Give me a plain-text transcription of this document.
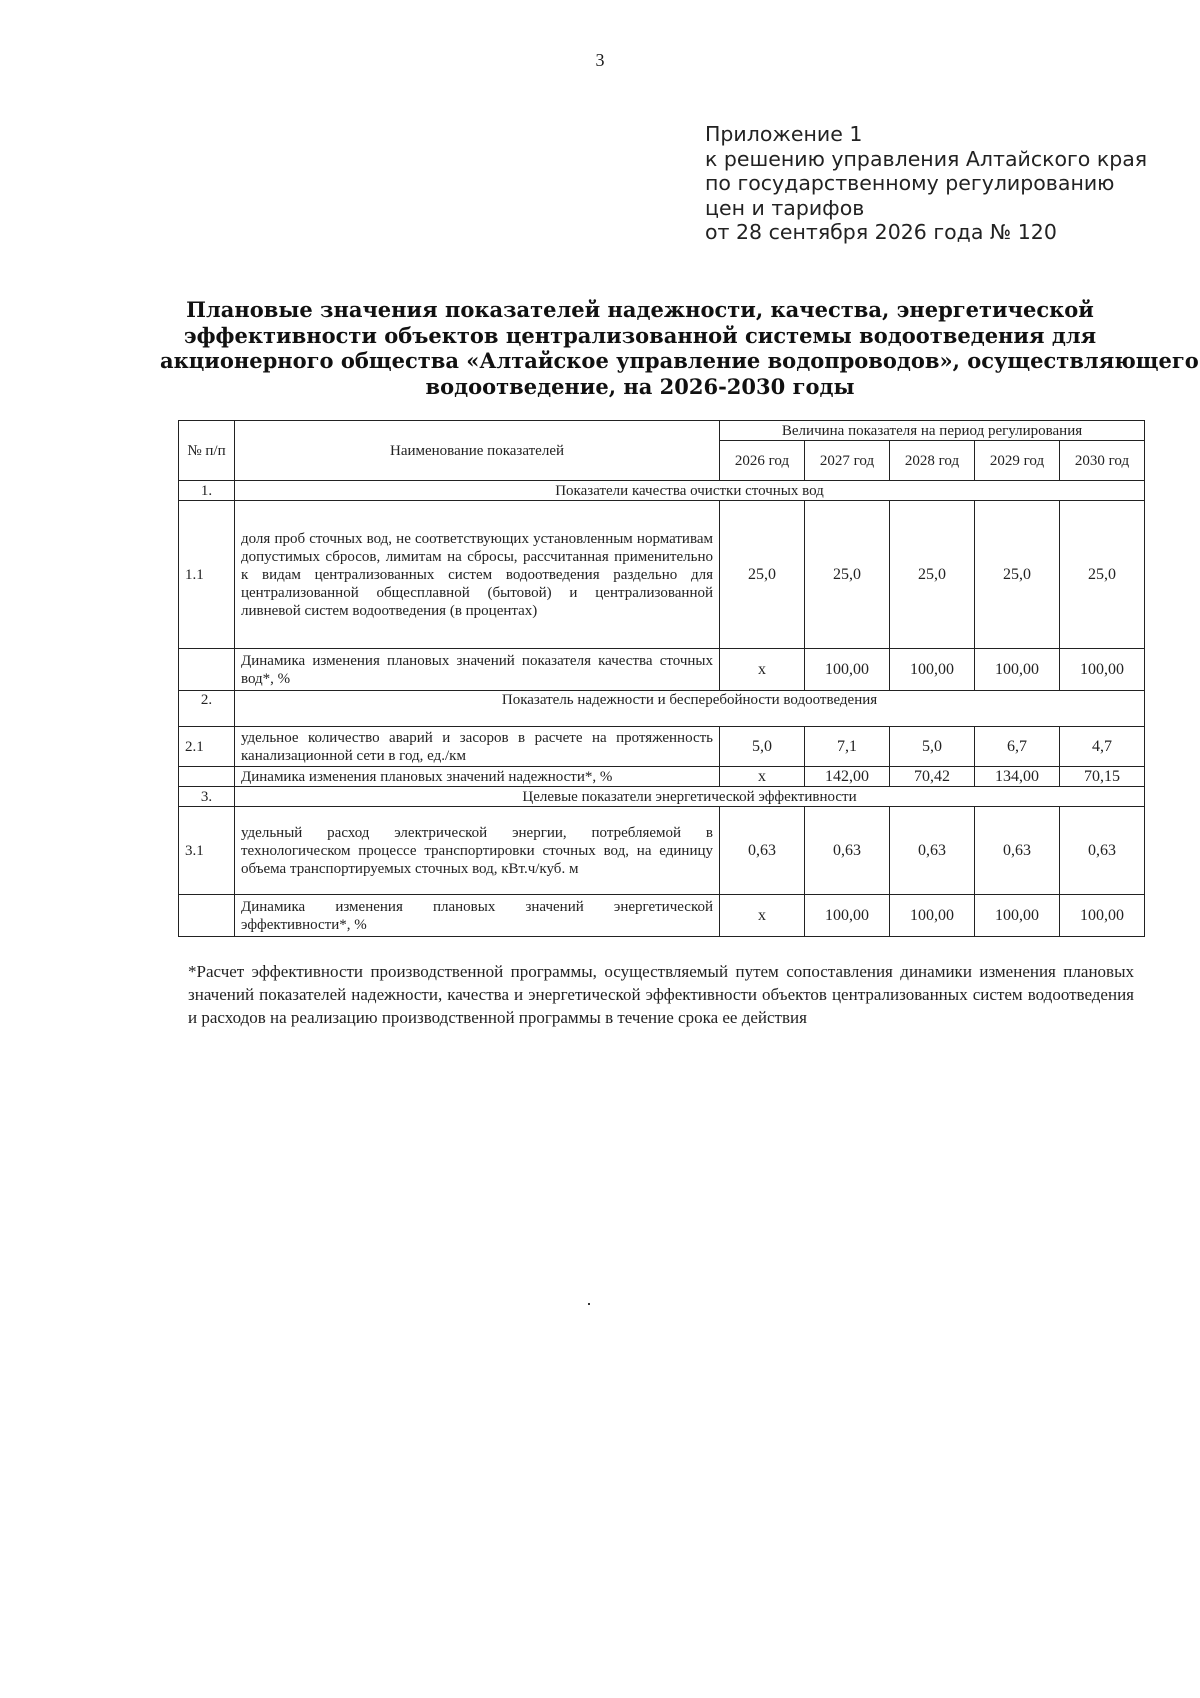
3
Приложение 1
к решению управления Алтайского края
по государственному регулированию
цен и тарифов
от 28 сентября 2026 года № 120
Плановые значения показателей надежности, качества, энергетической
эффективности объектов централизованной системы водоотведения для
акционерного общества «Алтайское управление водопроводов», осуществляющего
водоотведение, на 2026-2030 годы
№ п/п	Наименование показателей	Величина показателя на период регулирования				
		2026 год	2027 год	2028 год	2029 год	2030 год
1.	Показатели качества очистки сточных вод					
1.1	доля проб сточных вод, не соответствующих установленным нормативам допустимых сбросов, лимитам на сбросы, рассчитанная применительно к видам централизованных систем водоотведения раздельно для централизованной общесплавной (бытовой) и централизованной ливневой систем водоотведения (в процентах)	25,0	25,0	25,0	25,0	25,0
	Динамика изменения плановых значений показателя качества сточных вод*, %	х	100,00	100,00	100,00	100,00
2.	Показатель надежности и бесперебойности водоотведения					
2.1	удельное количество аварий и засоров в расчете на протяженность канализационной сети в год, ед./км	5,0	7,1	5,0	6,7	4,7
	Динамика изменения плановых значений надежности*, %	х	142,00	70,42	134,00	70,15
3.	Целевые показатели энергетической эффективности					
3.1	удельный расход электрической энергии, потребляемой в технологическом процессе транспортировки сточных вод, на единицу объема транспортируемых сточных вод, кВт.ч/куб. м	0,63	0,63	0,63	0,63	0,63
	Динамика изменения плановых значений энергетической эффективности*, %	х	100,00	100,00	100,00	100,00
*Расчет эффективности производственной программы, осуществляемый путем сопоставления динамики изменения плановых значений показателей надежности, качества и энергетической эффективности объектов централизованных систем водоотведения и расходов на реализацию производственной программы в течение срока ее действия
